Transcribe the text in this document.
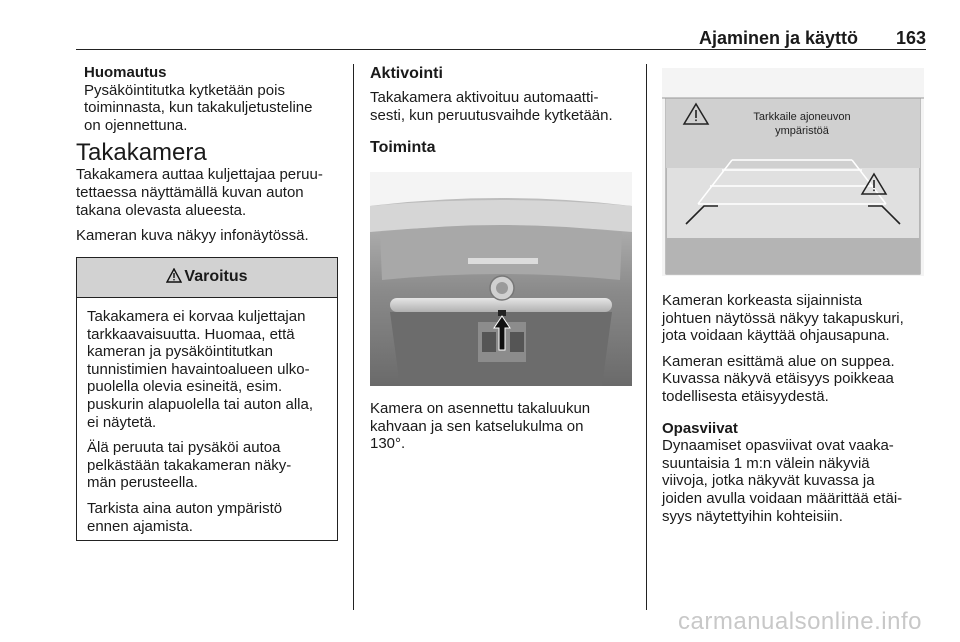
Ajaminen ja käyttö 163
Huomautus
Pysäköintitutka kytketään pois
toiminnasta, kun takakuljetusteline
on ojennettuna.
Takakamera
Takakamera auttaa kuljettajaa peruu-
tettaessa näyttämällä kuvan auton
takana olevasta alueesta.
Kameran kuva näkyy infonäytössä.
Varoitus
Takakamera ei korvaa kuljettajan
tarkkaavaisuutta. Huomaa, että
kameran ja pysäköintitutkan
tunnistimien havaintoalueen ulko-
puolella olevia esineitä, esim.
puskurin alapuolella tai auton alla,
ei näytetä.
Älä peruuta tai pysäköi autoa
pelkästään takakameran näky-
män perusteella.
Tarkista aina auton ympäristö
ennen ajamista.
Aktivointi
Takakamera aktivoituu automaatti-
sesti, kun peruutusvaihde kytketään.
Toiminta
Kamera on asennettu takaluukun
kahvaan ja sen katselukulma on
130°.
Tarkkaile ajoneuvon
ympäristöä
Kameran korkeasta sijainnista
johtuen näytössä näkyy takapuskuri,
jota voidaan käyttää ohjausapuna.
Kameran esittämä alue on suppea.
Kuvassa näkyvä etäisyys poikkeaa
todellisesta etäisyydestä.
Opasviivat
Dynaamiset opasviivat ovat vaaka-
suuntaisia 1 m:n välein näkyviä
viivoja, jotka näkyvät kuvassa ja
joiden avulla voidaan määrittää etäi-
syys näytettyihin kohteisiin.
carmanualsonline.info
